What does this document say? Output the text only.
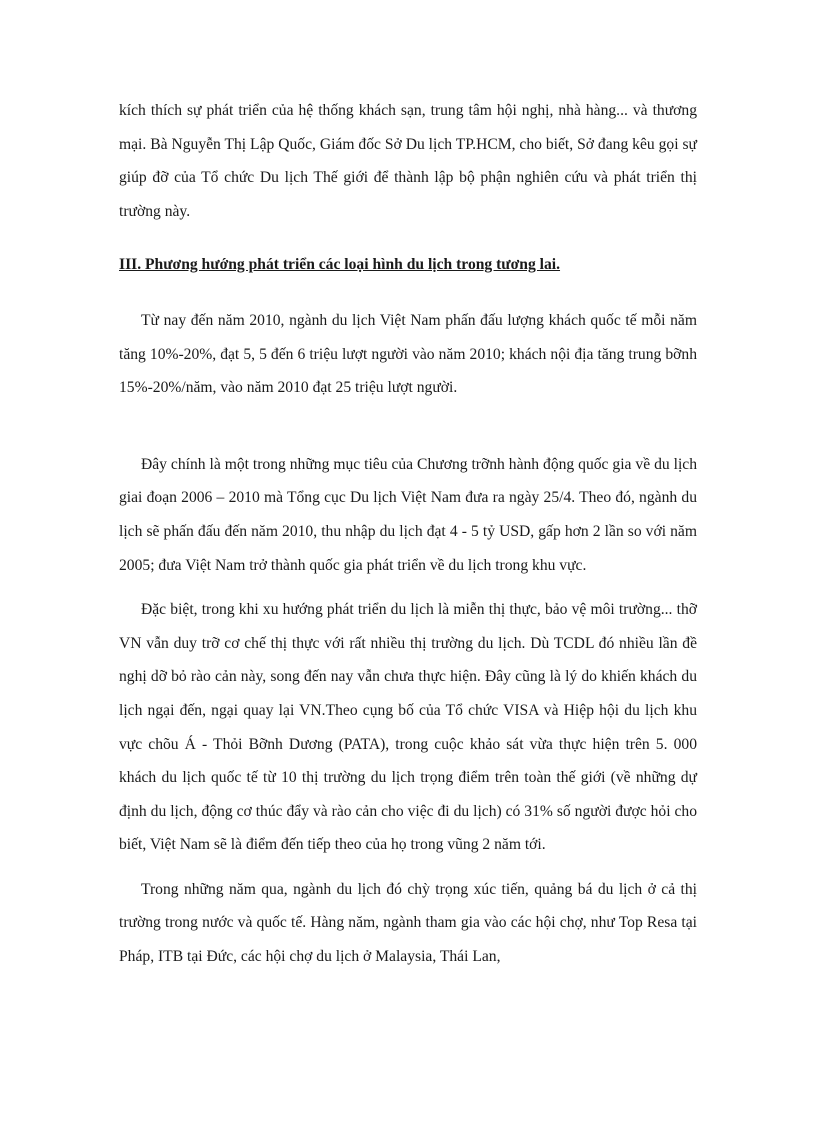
kích thích sự phát triển của hệ thống khách sạn, trung tâm hội nghị, nhà hàng... và thương mại. Bà Nguyễn Thị Lập Quốc, Giám đốc Sở Du lịch TP.HCM, cho biết, Sở đang kêu gọi sự giúp đỡ của Tổ chức Du lịch Thế giới để thành lập bộ phận nghiên cứu và phát triển thị trường này.

III. Phương hướng phát triển các loại hình du lịch trong tương lai.

Từ nay đến năm 2010, ngành du lịch Việt Nam phấn đấu lượng khách quốc tế mỗi năm tăng 10%-20%, đạt 5, 5 đến 6 triệu lượt người vào năm 2010; khách nội địa tăng trung bỡnh 15%-20%/năm, vào năm 2010 đạt 25 triệu lượt người.

Đây chính là một trong những mục tiêu của Chương trỡnh hành động quốc gia về du lịch giai đoạn 2006 – 2010 mà Tổng cục Du lịch Việt Nam đưa ra ngày 25/4. Theo đó, ngành du lịch sẽ phấn đấu đến năm 2010, thu nhập du lịch đạt 4 - 5 tỷ USD, gấp hơn 2 lần so với năm 2005; đưa Việt Nam trở thành quốc gia phát triển về du lịch trong khu vực.

Đặc biệt, trong khi xu hướng phát triển du lịch là miễn thị thực, bảo vệ môi trường... thỡ VN vẫn duy trỡ cơ chế thị thực với rất nhiều thị trường du lịch. Dù TCDL đó nhiều lần đề nghị dỡ bỏ rào cản này, song đến nay vẫn chưa thực hiện. Đây cũng là lý do khiến khách du lịch ngại đến, ngại quay lại VN.Theo cụng bố của Tổ chức VISA và Hiệp hội du lịch khu vực chõu Á - Thỏi Bỡnh Dương (PATA), trong cuộc khảo sát vừa thực hiện trên 5. 000 khách du lịch quốc tế từ 10 thị trường du lịch trọng điểm trên toàn thế giới (về những dự định du lịch, động cơ thúc đẩy và rào cản cho việc đi du lịch) có 31% số người được hỏi cho biết, Việt Nam sẽ là điểm đến tiếp theo của họ trong vũng 2 năm tới.

Trong những năm qua, ngành du lịch đó chỳ trọng xúc tiến, quảng bá du lịch ở cả thị trường trong nước và quốc tế. Hàng năm, ngành tham gia vào các hội chợ, như Top Resa tại Pháp, ITB tại Đức, các hội chợ du lịch ở Malaysia, Thái Lan,
